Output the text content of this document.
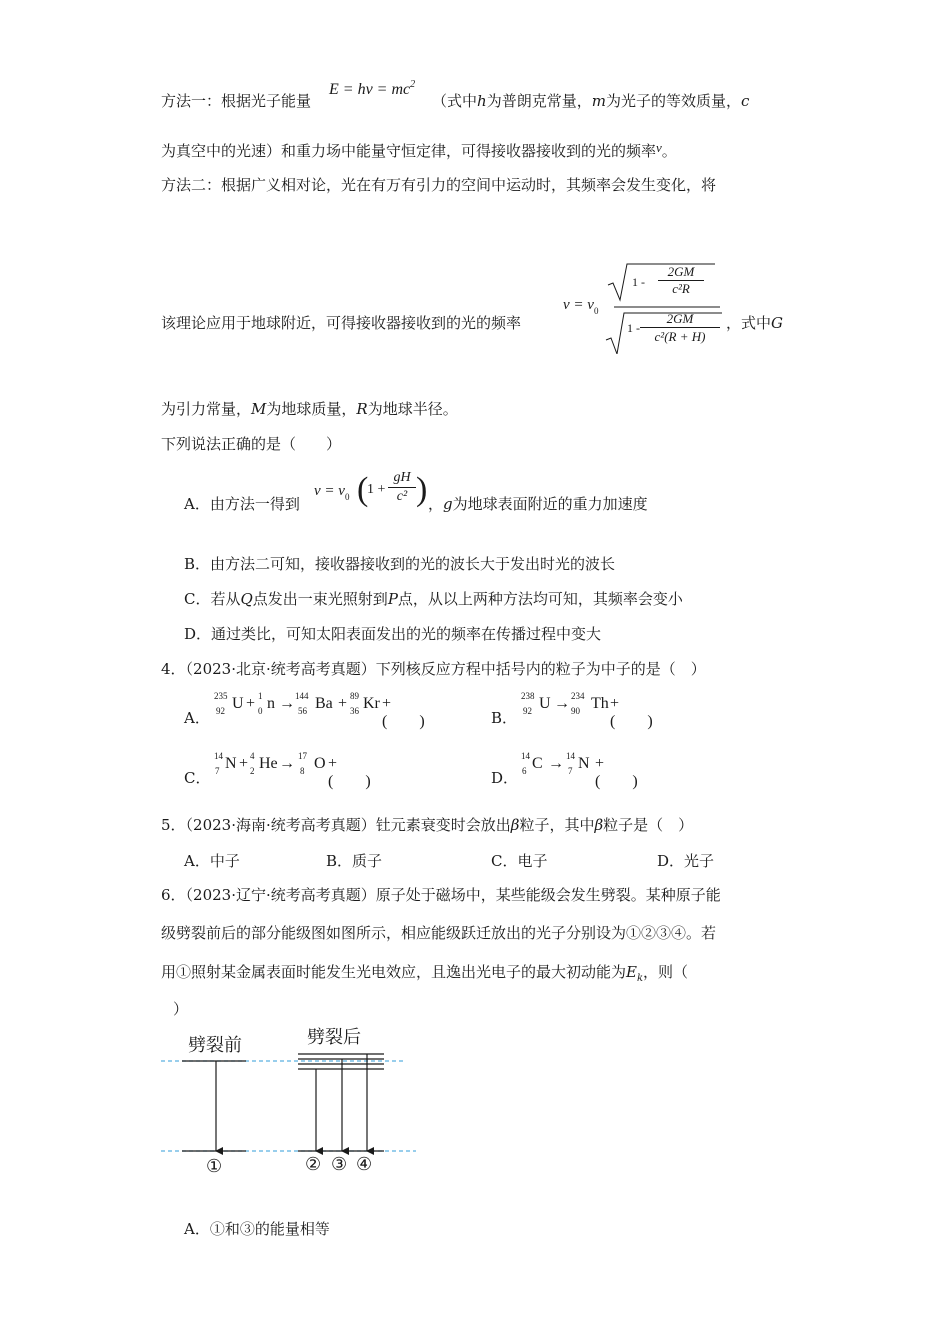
方法一：根据光子能量
$E = h\nu = mc^2$
（式中h为普朗克常量，m为光子的等效质量，c
为真空中的光速）和重力场中能量守恒定律，可得接收器接收到的光的频率ν。
方法二：根据广义相对论，光在有万有引力的空间中运动时，其频率会发生变化，将
该理论应用于地球附近，可得接收器接收到的光的频率
$\nu = \nu_0$
1 -
2GM
c²R
1 -
2GM
c²(R + H)
，式中G
为引力常量，M为地球质量，R为地球半径。
下列说法正确的是（　　）
A．由方法一得到
$\nu = \nu_0$ (
1 +
gH
c² ) ，g为地球表面附近的重力加速度
B．由方法二可知，接收器接收到的光的波长大于发出时光的波长
C．若从Q点发出一束光照射到P点，从以上两种方法均可知，其频率会变小
D．通过类比，可知太阳表面发出的光的频率在传播过程中变大
4．（2023·北京·统考高考真题）下列核反应方程中括号内的粒子为中子的是（　）
A．
235
92 U + 1
0 n → 144
56 Ba + 89
36 Kr + (　　)	B．
238
92 U → 234
90 Th + (　　)
C．
14
7 N + 4
2 He → 17
8 O + (　　)	D．
14
6 C → 14
7 N + (　　)
5．（2023·海南·统考高考真题）钍元素衰变时会放出β粒子，其中β粒子是（　）
A．中子	B．质子	C．电子	D．光子
6．（2023·辽宁·统考高考真题）原子处于磁场中，某些能级会发生劈裂。某种原子能
级劈裂前后的部分能级图如图所示，相应能级跃迁放出的光子分别设为①②③④。若
用①照射某金属表面时能发生光电效应，且逸出光电子的最大初动能为$E_k$，则（
）
劈裂前	劈裂后
①	② ③ ④
A．①和③的能量相等
